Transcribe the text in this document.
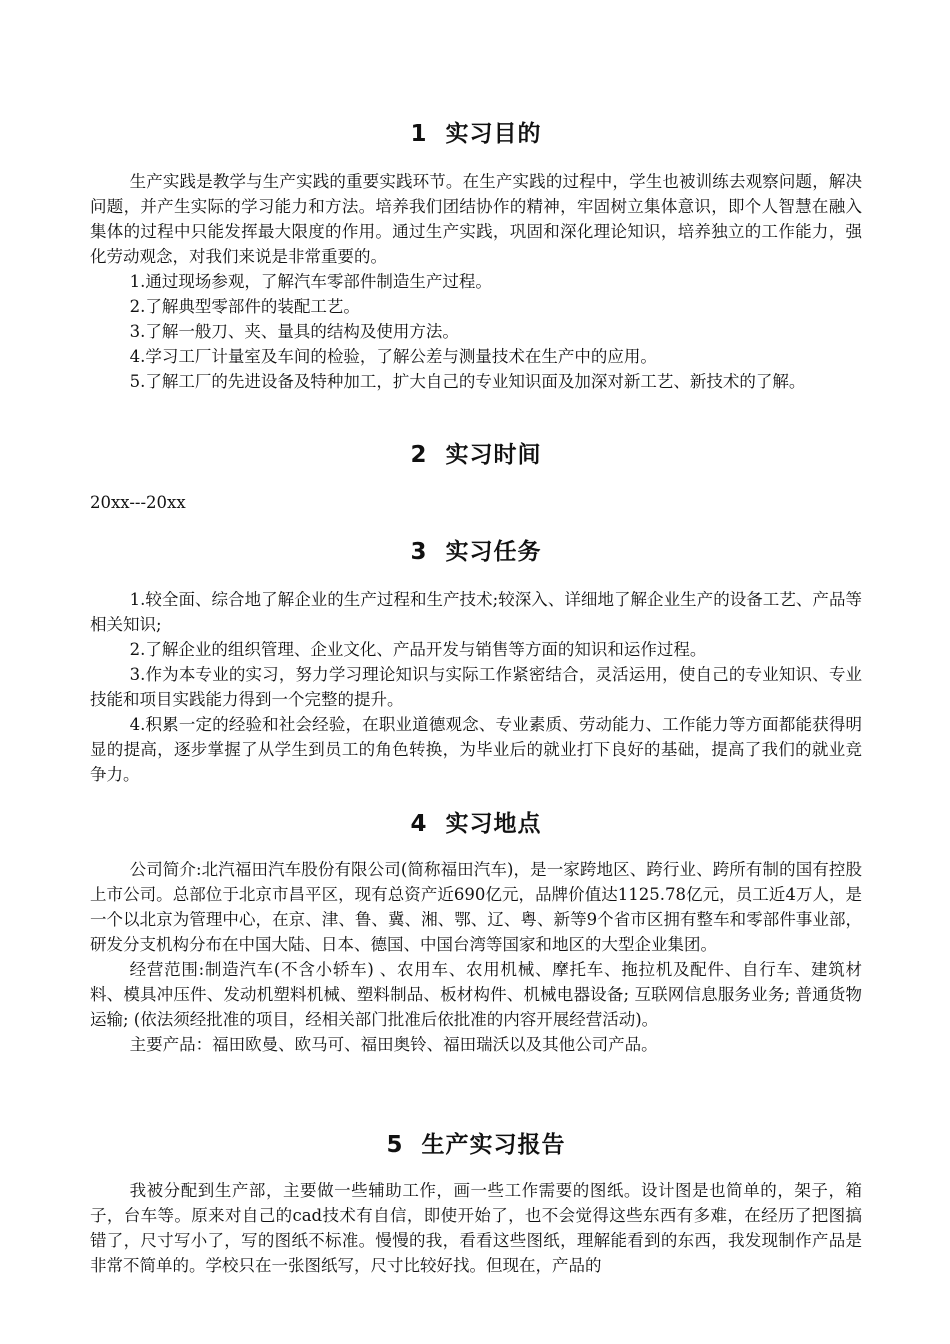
1 实习目的

生产实践是教学与生产实践的重要实践环节。在生产实践的过程中，学生也被训练去观察问题，解决问题，并产生实际的学习能力和方法。培养我们团结协作的精神，牢固树立集体意识，即个人智慧在融入集体的过程中只能发挥最大限度的作用。通过生产实践，巩固和深化理论知识，培养独立的工作能力，强化劳动观念，对我们来说是非常重要的。

1.通过现场参观，了解汽车零部件制造生产过程。

2.了解典型零部件的装配工艺。

3.了解一般刀、夹、量具的结构及使用方法。

4.学习工厂计量室及车间的检验，了解公差与测量技术在生产中的应用。

5.了解工厂的先进设备及特种加工，扩大自己的专业知识面及加深对新工艺、新技术的了解。

2 实习时间

20xx---20xx

3 实习任务

1.较全面、综合地了解企业的生产过程和生产技术;较深入、详细地了解企业生产的设备工艺、产品等相关知识;

2.了解企业的组织管理、企业文化、产品开发与销售等方面的知识和运作过程。

3.作为本专业的实习，努力学习理论知识与实际工作紧密结合，灵活运用，使自己的专业知识、专业技能和项目实践能力得到一个完整的提升。

4.积累一定的经验和社会经验，在职业道德观念、专业素质、劳动能力、工作能力等方面都能获得明显的提高，逐步掌握了从学生到员工的角色转换，为毕业后的就业打下良好的基础，提高了我们的就业竞争力。

4 实习地点

公司简介:北汽福田汽车股份有限公司(简称福田汽车)，是一家跨地区、跨行业、跨所有制的国有控股上市公司。总部位于北京市昌平区，现有总资产近690亿元，品牌价值达1125.78亿元，员工近4万人，是一个以北京为管理中心，在京、津、鲁、冀、湘、鄂、辽、粤、新等9个省市区拥有整车和零部件事业部，研发分支机构分布在中国大陆、日本、德国、中国台湾等国家和地区的大型企业集团。

经营范围:制造汽车(不含小轿车) 、农用车、农用机械、摩托车、拖拉机及配件、自行车、建筑材料、模具冲压件、发动机塑料机械、塑料制品、板材构件、机械电器设备; 互联网信息服务业务; 普通货物运输; (依法须经批准的项目，经相关部门批准后依批准的内容开展经营活动)。

主要产品：福田欧曼、欧马可、福田奥铃、福田瑞沃以及其他公司产品。

5 生产实习报告

我被分配到生产部，主要做一些辅助工作，画一些工作需要的图纸。设计图是也简单的，架子，箱子，台车等。原来对自己的cad技术有自信，即使开始了，也不会觉得这些东西有多难，在经历了把图搞错了，尺寸写小了，写的图纸不标准。慢慢的我，看看这些图纸，理解能看到的东西，我发现制作产品是非常不简单的。学校只在一张图纸写，尺寸比较好找。但现在，产品的
